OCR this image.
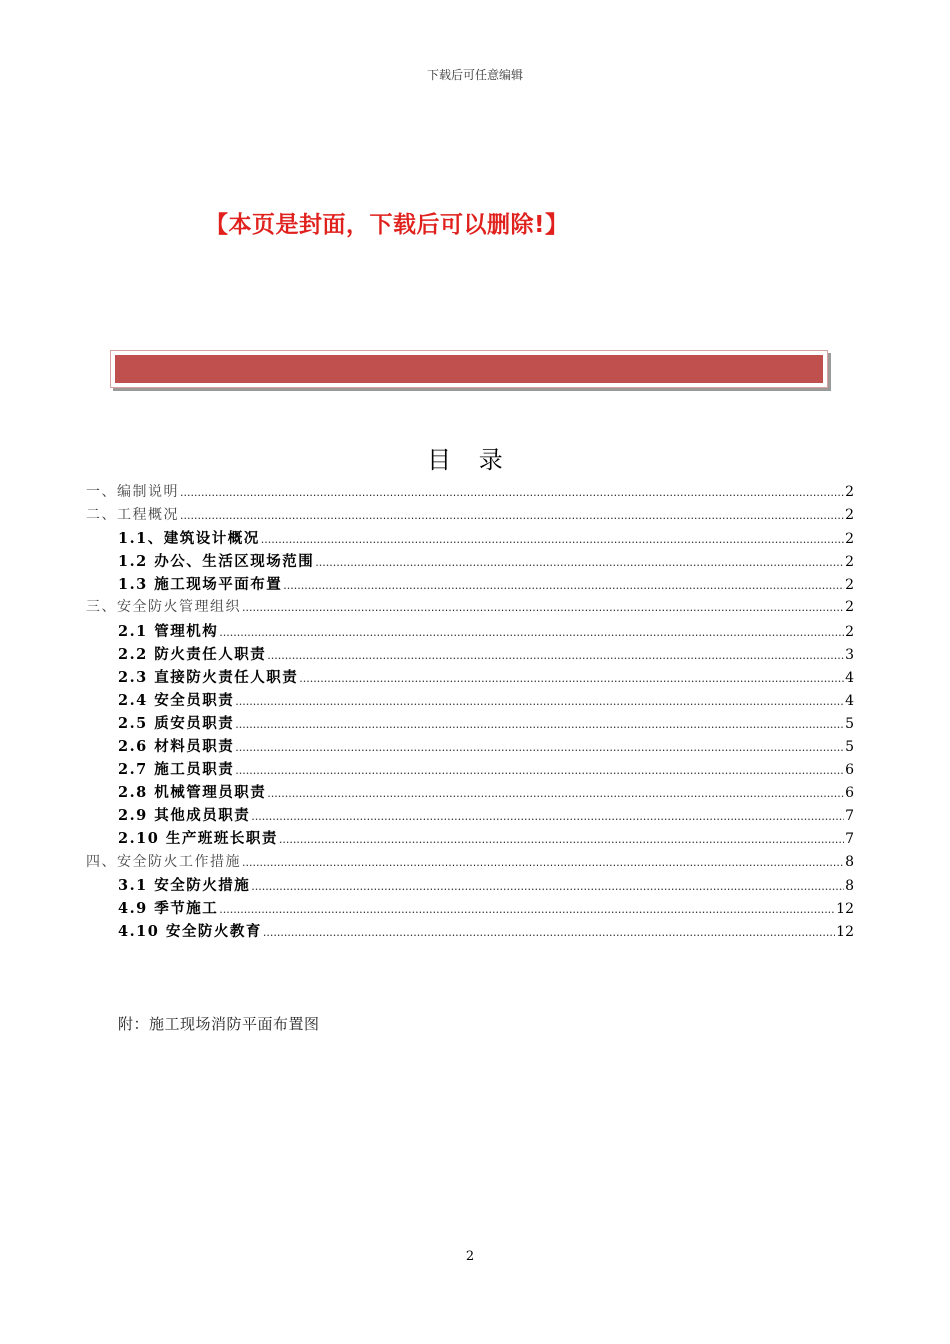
下载后可任意编辑
【本页是封面，下载后可以删除!】
目 录
一、编制说明 .....	2
二、工程概况 .....	2
1.1、建筑设计概况 .....	2
1.2 办公、生活区现场范围 .....	2
1.3 施工现场平面布置 .....	2
三、安全防火管理组织 .....	2
2.1 管理机构 .....	2
2.2 防火责任人职责 .....	3
2.3 直接防火责任人职责 .....	4
2.4 安全员职责 .....	4
2.5 质安员职责 .....	5
2.6 材料员职责 .....	5
2.7 施工员职责 .....	6
2.8 机械管理员职责 .....	6
2.9 其他成员职责 .....	7
2.10 生产班班长职责 .....	7
四、安全防火工作措施 .....	8
3.1 安全防火措施 .....	8
4.9 季节施工 .....	12
4.10 安全防火教育 .....	12
附：施工现场消防平面布置图
2
